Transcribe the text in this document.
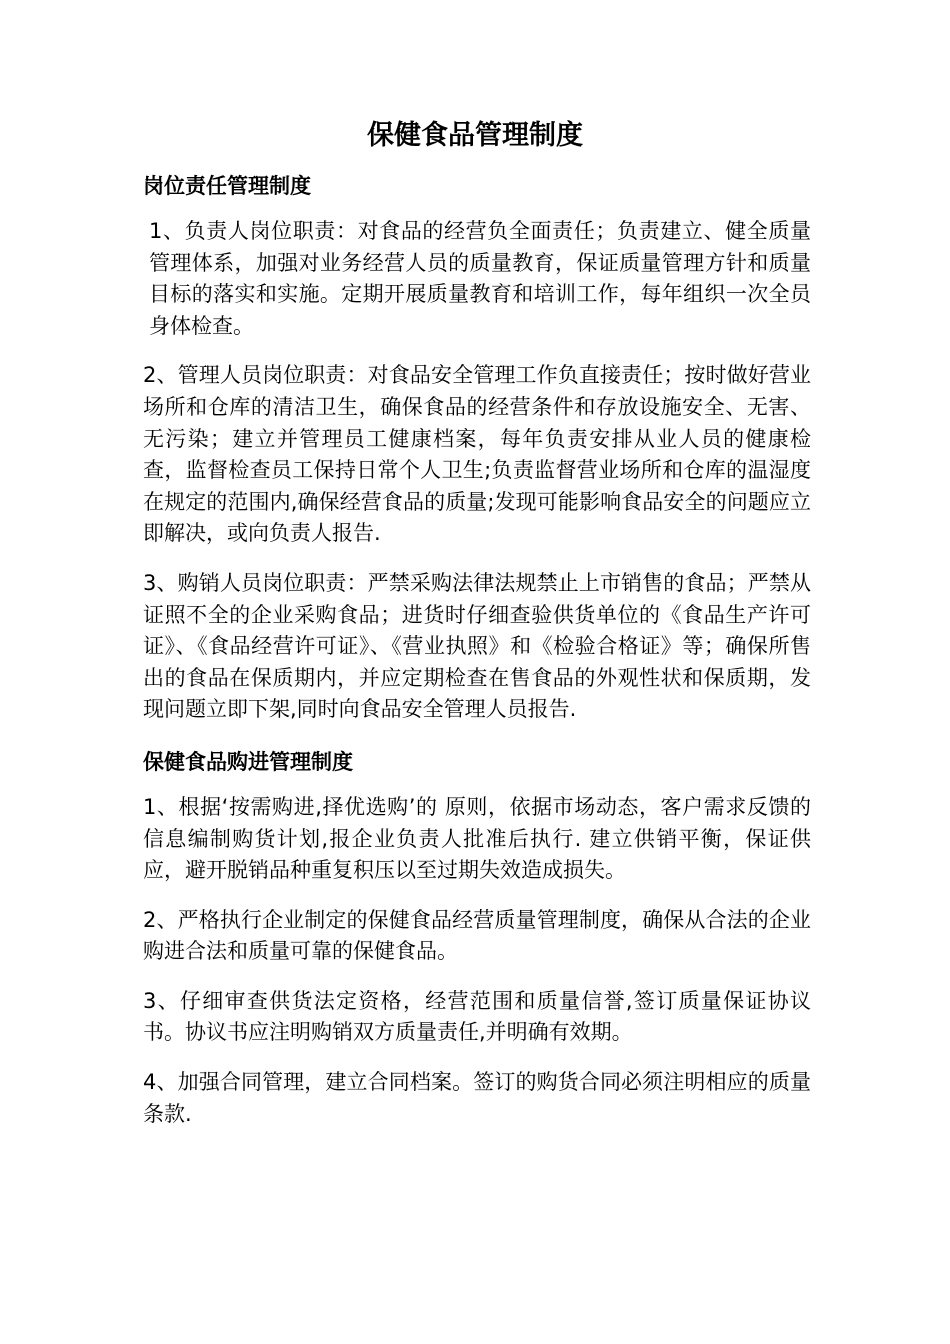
保健食品管理制度
岗位责任管理制度

1、负责人岗位职责：对食品的经营负全面责任；负责建立、健全质量管理体系，加强对业务经营人员的质量教育，保证质量管理方针和质量目标的落实和实施。定期开展质量教育和培训工作，每年组织一次全员身体检查。

2、管理人员岗位职责：对食品安全管理工作负直接责任；按时做好营业场所和仓库的清洁卫生，确保食品的经营条件和存放设施安全、无害、无污染；建立并管理员工健康档案，每年负责安排从业人员的健康检查，监督检查员工保持日常个人卫生;负责监督营业场所和仓库的温湿度在规定的范围内,确保经营食品的质量;发现可能影响食品安全的问题应立即解决，或向负责人报告.

3、购销人员岗位职责：严禁采购法律法规禁止上市销售的食品；严禁从证照不全的企业采购食品；进货时仔细查验供货单位的《食品生产许可证》、《食品经营许可证》、《营业执照》和《检验合格证》等；确保所售出的食品在保质期内，并应定期检查在售食品的外观性状和保质期，发现问题立即下架,同时向食品安全管理人员报告.

保健食品购进管理制度

1、根据‘按需购进,择优选购’的 原则，依据市场动态，客户需求反馈的信息编制购货计划,报企业负责人批准后执行. 建立供销平衡，保证供应，避开脱销品种重复积压以至过期失效造成损失。

2、严格执行企业制定的保健食品经营质量管理制度，确保从合法的企业购进合法和质量可靠的保健食品。

3、仔细审查供货法定资格，经营范围和质量信誉,签订质量保证协议书。协议书应注明购销双方质量责任,并明确有效期。

4、加强合同管理，建立合同档案。签订的购货合同必须注明相应的质量条款.
